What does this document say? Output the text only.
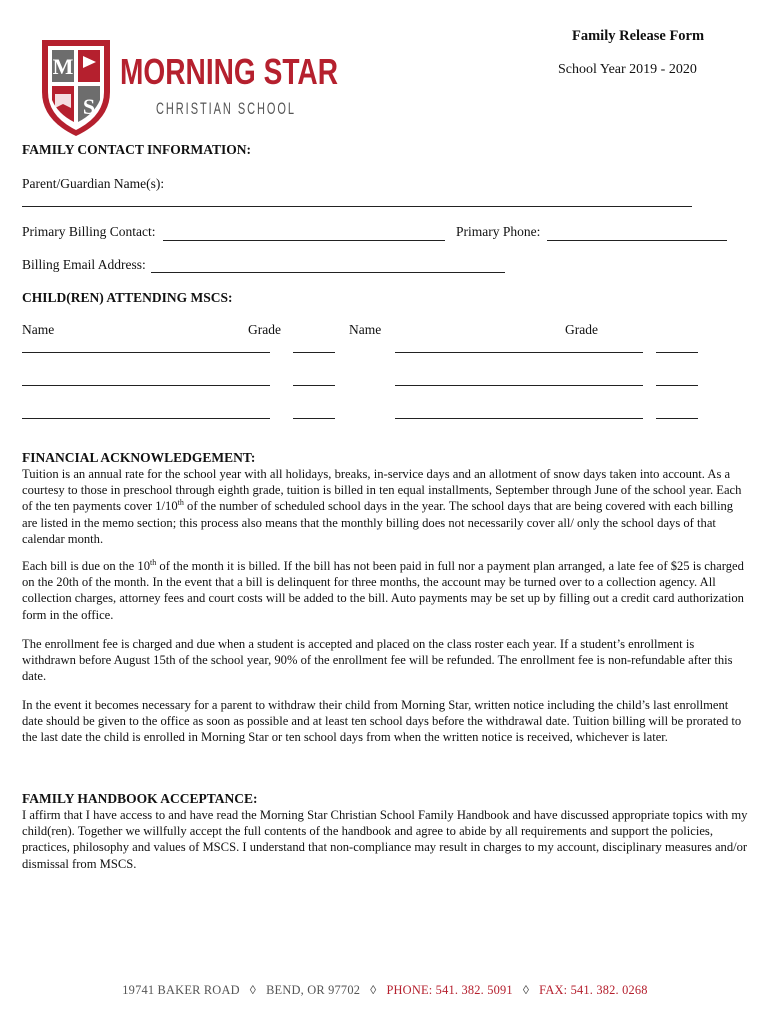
M
S
MORNING STAR
CHRISTIAN SCHOOL
Family Release Form
School Year 2019 - 2020
FAMILY CONTACT INFORMATION:
Parent/Guardian Name(s):
Primary Billing Contact:	Primary Phone:
Billing Email Address:
CHILD(REN) ATTENDING MSCS:
Name	Grade	Name	Grade
FINANCIAL ACKNOWLEDGEMENT:

Tuition is an annual rate for the school year with all holidays, breaks, in-service days and an allotment of snow days taken into account. As a courtesy to those in preschool through eighth grade, tuition is billed in ten equal installments, September through June of the school year. Each of the ten payments cover 1/10th of the number of scheduled school days in the year. The school days that are being covered with each billing are listed in the memo section; this process also means that the monthly billing does not necessarily cover all/ only the school days of that calendar month.

Each bill is due on the 10th of the month it is billed. If the bill has not been paid in full nor a payment plan arranged, a late fee of $25 is charged on the 20th of the month. In the event that a bill is delinquent for three months, the account may be turned over to a collection agency. All collection charges, attorney fees and court costs will be added to the bill. Auto payments may be set up by filling out a credit card authorization form in the office.

The enrollment fee is charged and due when a student is accepted and placed on the class roster each year. If a student’s enrollment is withdrawn before August 15th of the school year, 90% of the enrollment fee will be refunded. The enrollment fee is non-refundable after this date.

In the event it becomes necessary for a parent to withdraw their child from Morning Star, written notice including the child’s last enrollment date should be given to the office as soon as possible and at least ten school days before the withdrawal date. Tuition billing will be prorated to the last date the child is enrolled in Morning Star or ten school days from when the written notice is received, whichever is later.

FAMILY HANDBOOK ACCEPTANCE:

I affirm that I have access to and have read the Morning Star Christian School Family Handbook and have discussed appropriate topics with my child(ren). Together we willfully accept the full contents of the handbook and agree to abide by all requirements and support the policies, practices, philosophy and values of MSCS. I understand that non-compliance may result in charges to my account, disciplinary measures and/or dismissal from MSCS.

19741 BAKER ROAD ◊ BEND, OR 97702 ◊ PHONE: 541. 382. 5091 ◊ FAX: 541. 382. 0268
